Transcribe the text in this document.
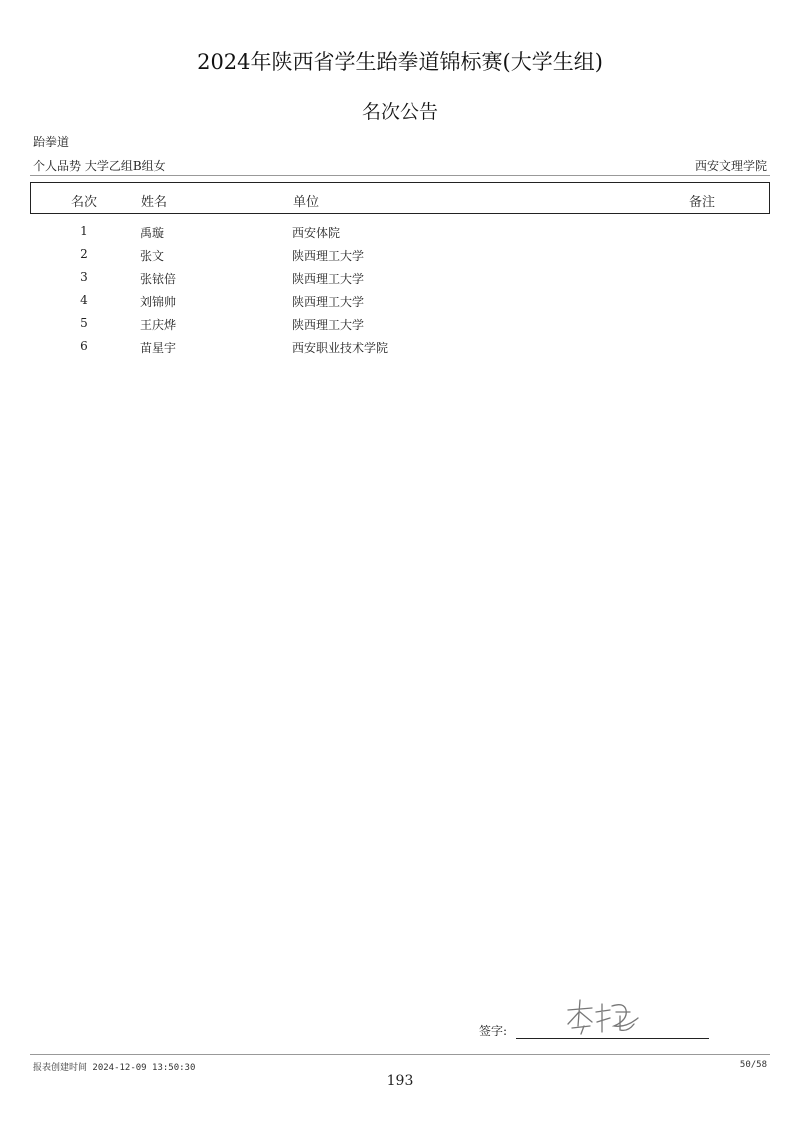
2024年陕西省学生跆拳道锦标赛(大学生组)
名次公告
跆拳道
个人品势 大学乙组B组女	西安文理学院
名次	姓名	单位	备注
1	禹璇	西安体院
2	张文	陕西理工大学
3	张铱倍	陕西理工大学
4	刘锦帅	陕西理工大学
5	王庆烨	陕西理工大学
6	苗星宇	西安职业技术学院
签字:
报表创建时间 2024-12-09 13:50:30	50/58
193
